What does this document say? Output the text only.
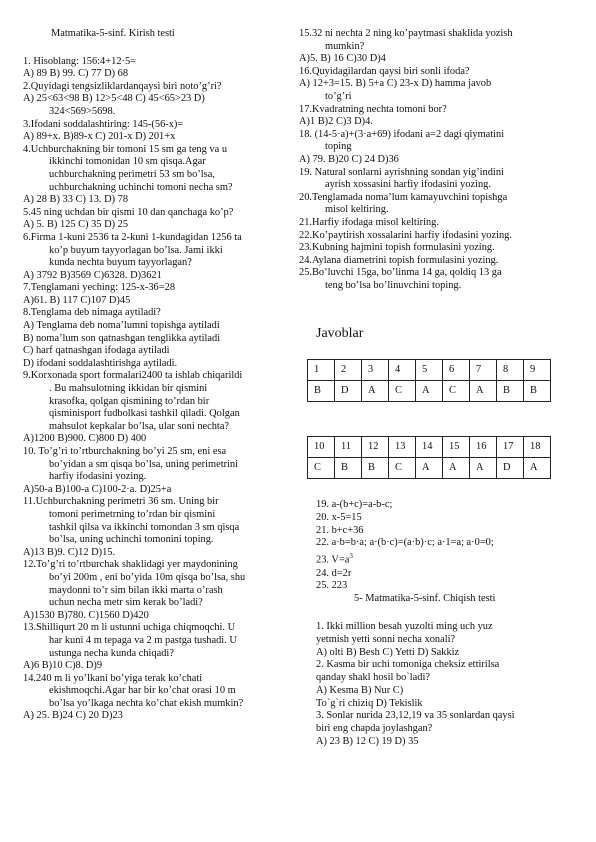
Matmatika-5-sinf. Kirish testi
1. Hisoblang: 156:4+12·5=
A) 89 B) 99. C) 77 D) 68
2.Quyidagi tengsizliklardanqaysi biri noto’g’ri?
A) 25<63<98 B) 12>5<48 C) 45<65>23 D)
324<569>5698.
3.Ifodani soddalashtiring: 145-(56-x)=
A) 89+x. B)89-x C) 201-x D) 201+x
4.Uchburchakning bir tomoni 15 sm ga teng va u
ikkinchi tomonidan 10 sm qisqa.Agar
uchburchakning perimetri 53 sm bo’lsa,
uchburchakning uchinchi tomoni necha sm?
A) 28 B) 33 C) 13. D) 78
5.45 ning uchdan bir qismi 10 dan qanchaga ko’p?
A) 5. B) 125 C) 35 D) 25
6.Firma 1-kuni 2536 ta 2-kuni 1-kundagidan 1256 ta
ko’p buyum tayyorlagan bo’lsa. Jami ikki
kunda nechta buyum tayyorlagan?
A) 3792 B)3569 C)6328. D)3621
7.Tenglamani yeching: 125-x-36=28
A)61. B) 117 C)107 D)45
8.Tenglama deb nimaga aytiladi?
A) Tenglama deb noma’lumni topishga aytiladi
B) noma’lum son qatnashgan tenglikka aytiladi
C) harf qatnashgan ifodaga aytiladi
D) ifodani soddalashtirishga aytiladi.
9.Korxonada sport formalari2400 ta ishlab chiqarildi
. Bu mahsulotning ikkidan bir qismini
krasofka, qolgan qismining to’rdan bir
qisminisport fudbolkasi tashkil qiladi. Qolgan
mahsulot kepkalar bo’lsa, ular soni nechta?
A)1200 B)900. C)800 D) 400
10. To’g’ri to’rtburchakning bo’yi 25 sm, eni esa
bo’yidan a sm qisqa bo’lsa, uning perimetrini
harfiy ifodasini yozing.
A)50-a B)100-a C)100-2·a. D)25+a
11.Uchburchakning perimetri 36 sm. Uning bir
tomoni perimetrning to’rdan bir qismini
tashkil qilsa va ikkinchi tomondan 3 sm qisqa
bo’lsa, uning uchinchi tomonini toping.
A)13 B)9. C)12 D)15.
12.To’g’ri to’rtburchak shaklidagi yer maydonining
bo’yi 200m , eni bo’yida 10m qisqa bo’lsa, shu
maydonni to’r sim bilan ikki marta o’rash
uchun necha metr sim kerak bo’ladi?
A)1530 B)780. C)1560 D)420
13.Shilliqurt 20 m li ustunni uchiga chiqmoqchi. U
har kuni 4 m tepaga va 2 m pastga tushadi. U
ustunga necha kunda chiqadi?
A)6 B)10 C)8. D)9
14.240 m li yo’lkani bo’yiga terak ko’chati
ekishmoqchi.Agar har bir ko’chat orasi 10 m
bo’lsa yo’lkaga nechta ko’chat ekish mumkin?
A) 25. B)24 C) 20 D)23
15.32 ni nechta 2 ning ko’paytmasi shaklida yozish
mumkin?
A)5. B) 16 C)30 D)4
16.Quyidagilardan qaysi biri sonli ifoda?
A) 12+3=15. B) 5+a C) 23-x D) hamma javob
to’g’ri
17.Kvadratning nechta tomoni bor?
A)1 B)2 C)3 D)4.
18. (14-5·a)+(3·a+69) ifodani a=2 dagi qiymatini
toping
A) 79. B)20 C) 24 D)36
19. Natural sonlarni ayrishning sondan yig’indini
ayrish xossasini harfiy ifodasini yozing.
20.Tenglamada noma’lum kamayuvchini topishga
misol keltiring.
21.Harfiy ifodaga misol keltiring.
22.Ko’paytirish xossalarini harfiy ifodasini yozing.
23.Kubning hajmini topish formulasini yozing.
24.Aylana diametrini topish formulasini yozing.
25.Bo’luvchi 15ga, bo’linma 14 ga, qoldiq 13 ga
teng bo’lsa bo’linuvchini toping.
Javoblar
1	2	3	4	5	6	7	8	9
B	D	A	C	A	C	A	B	B
10	11	12	13	14	15	16	17	18
C	B	B	C	A	A	A	D	A
19. a-(b+c)=a-b-c;
20. x-5=15
21. b+c+36
22. a·b=b·a; a·(b·c)=(a·b)·c; a·1=a; a·0=0;
23. $V=a^3$
24. d=2r
25. 223
5- Matmatika-5-sinf. Chiqish testi
1. Ikki million besah yuzolti ming uch yuz
yetmish yetti sonni necha xonali?
A) olti B) Besh C) Yetti D) Sakkiz
2. Kasma bir uchi tomoniga cheksiz ettirilsa
qanday shakl hosil bo`ladi?
A) Kesma B) Nur C)
To`g`ri chiziq D) Tekislik
3. Sonlar nurida 23,12,19 va 35 sonlardan qaysi
biri eng chapda joylashgan?
A) 23 B) 12 C) 19 D) 35
